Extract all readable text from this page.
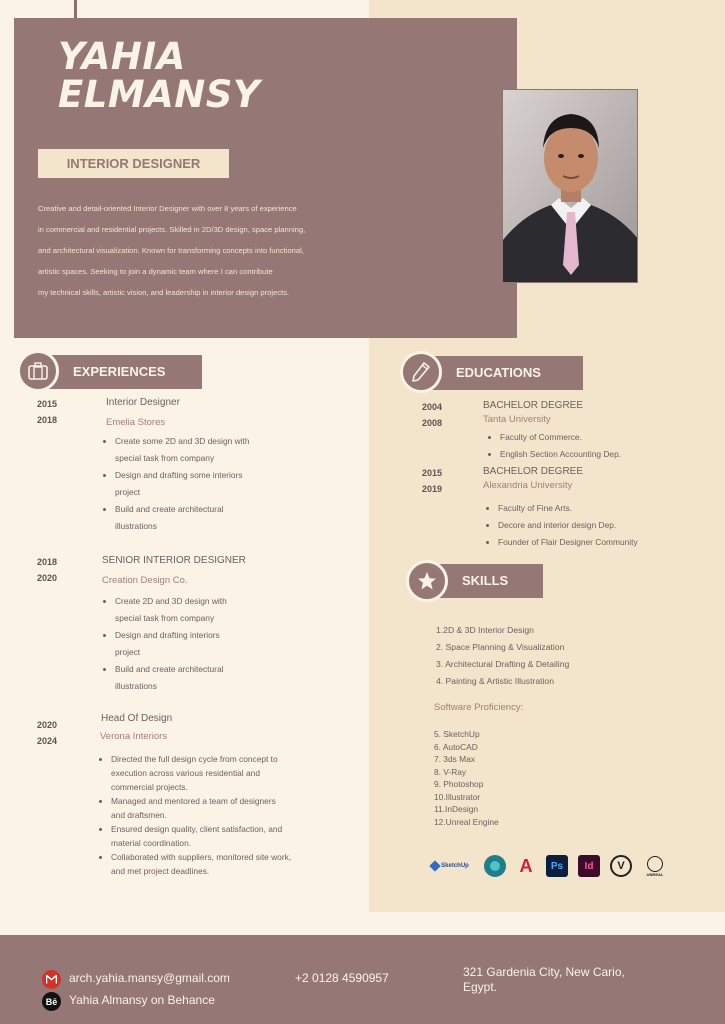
YAHIA
ELMANSY
INTERIOR DESIGNER
Creative and detail-oriented Interior Designer with over 8 years of experience
in commercial and residential projects. Skilled in 2D/3D design, space planning,
and architectural visualization. Known for transforming concepts into functional,
artistic spaces. Seeking to join a dynamic team where I can contribute
my technical skills, artistic vision, and leadership in interior design projects.
EXPERIENCES
2015
2018
Interior Designer
Emelia Stores
• Create some 2D and 3D design with
special task from company
• Design and drafting some interiors
project
• Build and create architectural
illustrations
2018
2020
SENIOR INTERIOR DESIGNER
Creation Design Co.
• Create 2D and 3D design with
special task from company
• Design and drafting interiors
project
• Build and create architectural
illustrations
2020
2024
Head Of Design
Verona Interiors
• Directed the full design cycle from concept to
execution across various residential and
commercial projects.
• Managed and mentored a team of designers
and draftsmen.
• Ensured design quality, client satisfaction, and
material coordination.
• Collaborated with suppliers, monitored site work,
and met project deadlines.
EDUCATIONS
2004
2008
BACHELOR DEGREE
Tanta University
• Faculty of Commerce.
• English Section Accounting Dep.
2015
2019
BACHELOR DEGREE
Alexandria University
• Faculty of Fine Arts.
• Decore and interior design Dep.
• Founder of Flair Designer Community
SKILLS
1.2D & 3D Interior Design
2. Space Planning & Visualization
3. Architectural Drafting & Detailing
4. Painting & Artistic Illustration
Software Proficiency:
5. SketchUp
6. AutoCAD
7. 3ds Max
8. V-Ray
9. Photoshop
10.Illustrator
11.InDesign
12.Unreal Engine
SketchUp	A	Ps	Id	V
UNREAL
arch.yahia.mansy@gmail.com
Bē Yahia Almansy on Behance
+2 0128 4590957	321 Gardenia City, New Cario,
Egypt.
